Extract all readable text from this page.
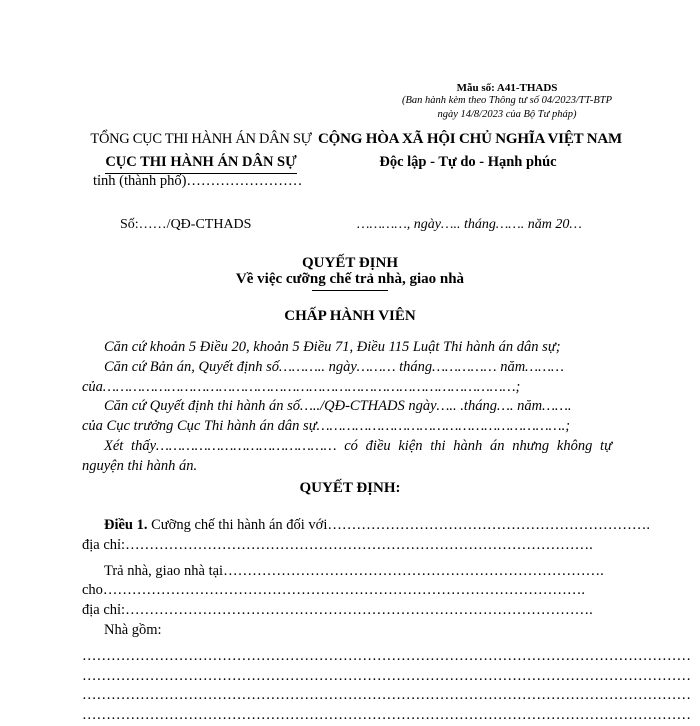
Mẫu số: A41-THADS
(Ban hành kèm theo Thông tư số 04/2023/TT-BTP
ngày 14/8/2023 của Bộ Tư pháp)
TỔNG CỤC THI HÀNH ÁN DÂN SỰ
CỤC THI HÀNH ÁN DÂN SỰ
tỉnh (thành phố)……………………
CỘNG HÒA XÃ HỘI CHỦ NGHĨA VIỆT NAM
Độc lập - Tự do - Hạnh phúc
Số:……/QĐ-CTHADS	…………, ngày….. tháng……. năm 20…
QUYẾT ĐỊNH
Về việc cưỡng chế trả nhà, giao nhà
CHẤP HÀNH VIÊN
Căn cứ khoản 5 Điều 20, khoản 5 Điều 71, Điều 115 Luật Thi hành án dân sự;
Căn cứ Bản án, Quyết định số……….. ngày……… tháng…………… năm………
của……………………………………………………………………………………;
Căn cứ Quyết định thi hành án số…../QĐ-CTHADS ngày….. .tháng…. năm…….
của Cục trưởng Cục Thi hành án dân sự………………………………………………….;
Xét thấy…………………………………… có điều kiện thi hành án nhưng không tự nguyện thi hành án.
QUYẾT ĐỊNH:
Điều 1. Cưỡng chế thi hành án đối với………………………………………………………….
địa chỉ:…………………………………………………………………………………….
Trả nhà, giao nhà tại…………………………………………………………………….
cho……………………………………………………………………………………….
địa chỉ:…………………………………………………………………………………….
Nhà gồm:
………………………………………………………………………………………………………………
………………………………………………………………………………………………………………
………………………………………………………………………………………………………………
………………………………………………………………………………………………………………
